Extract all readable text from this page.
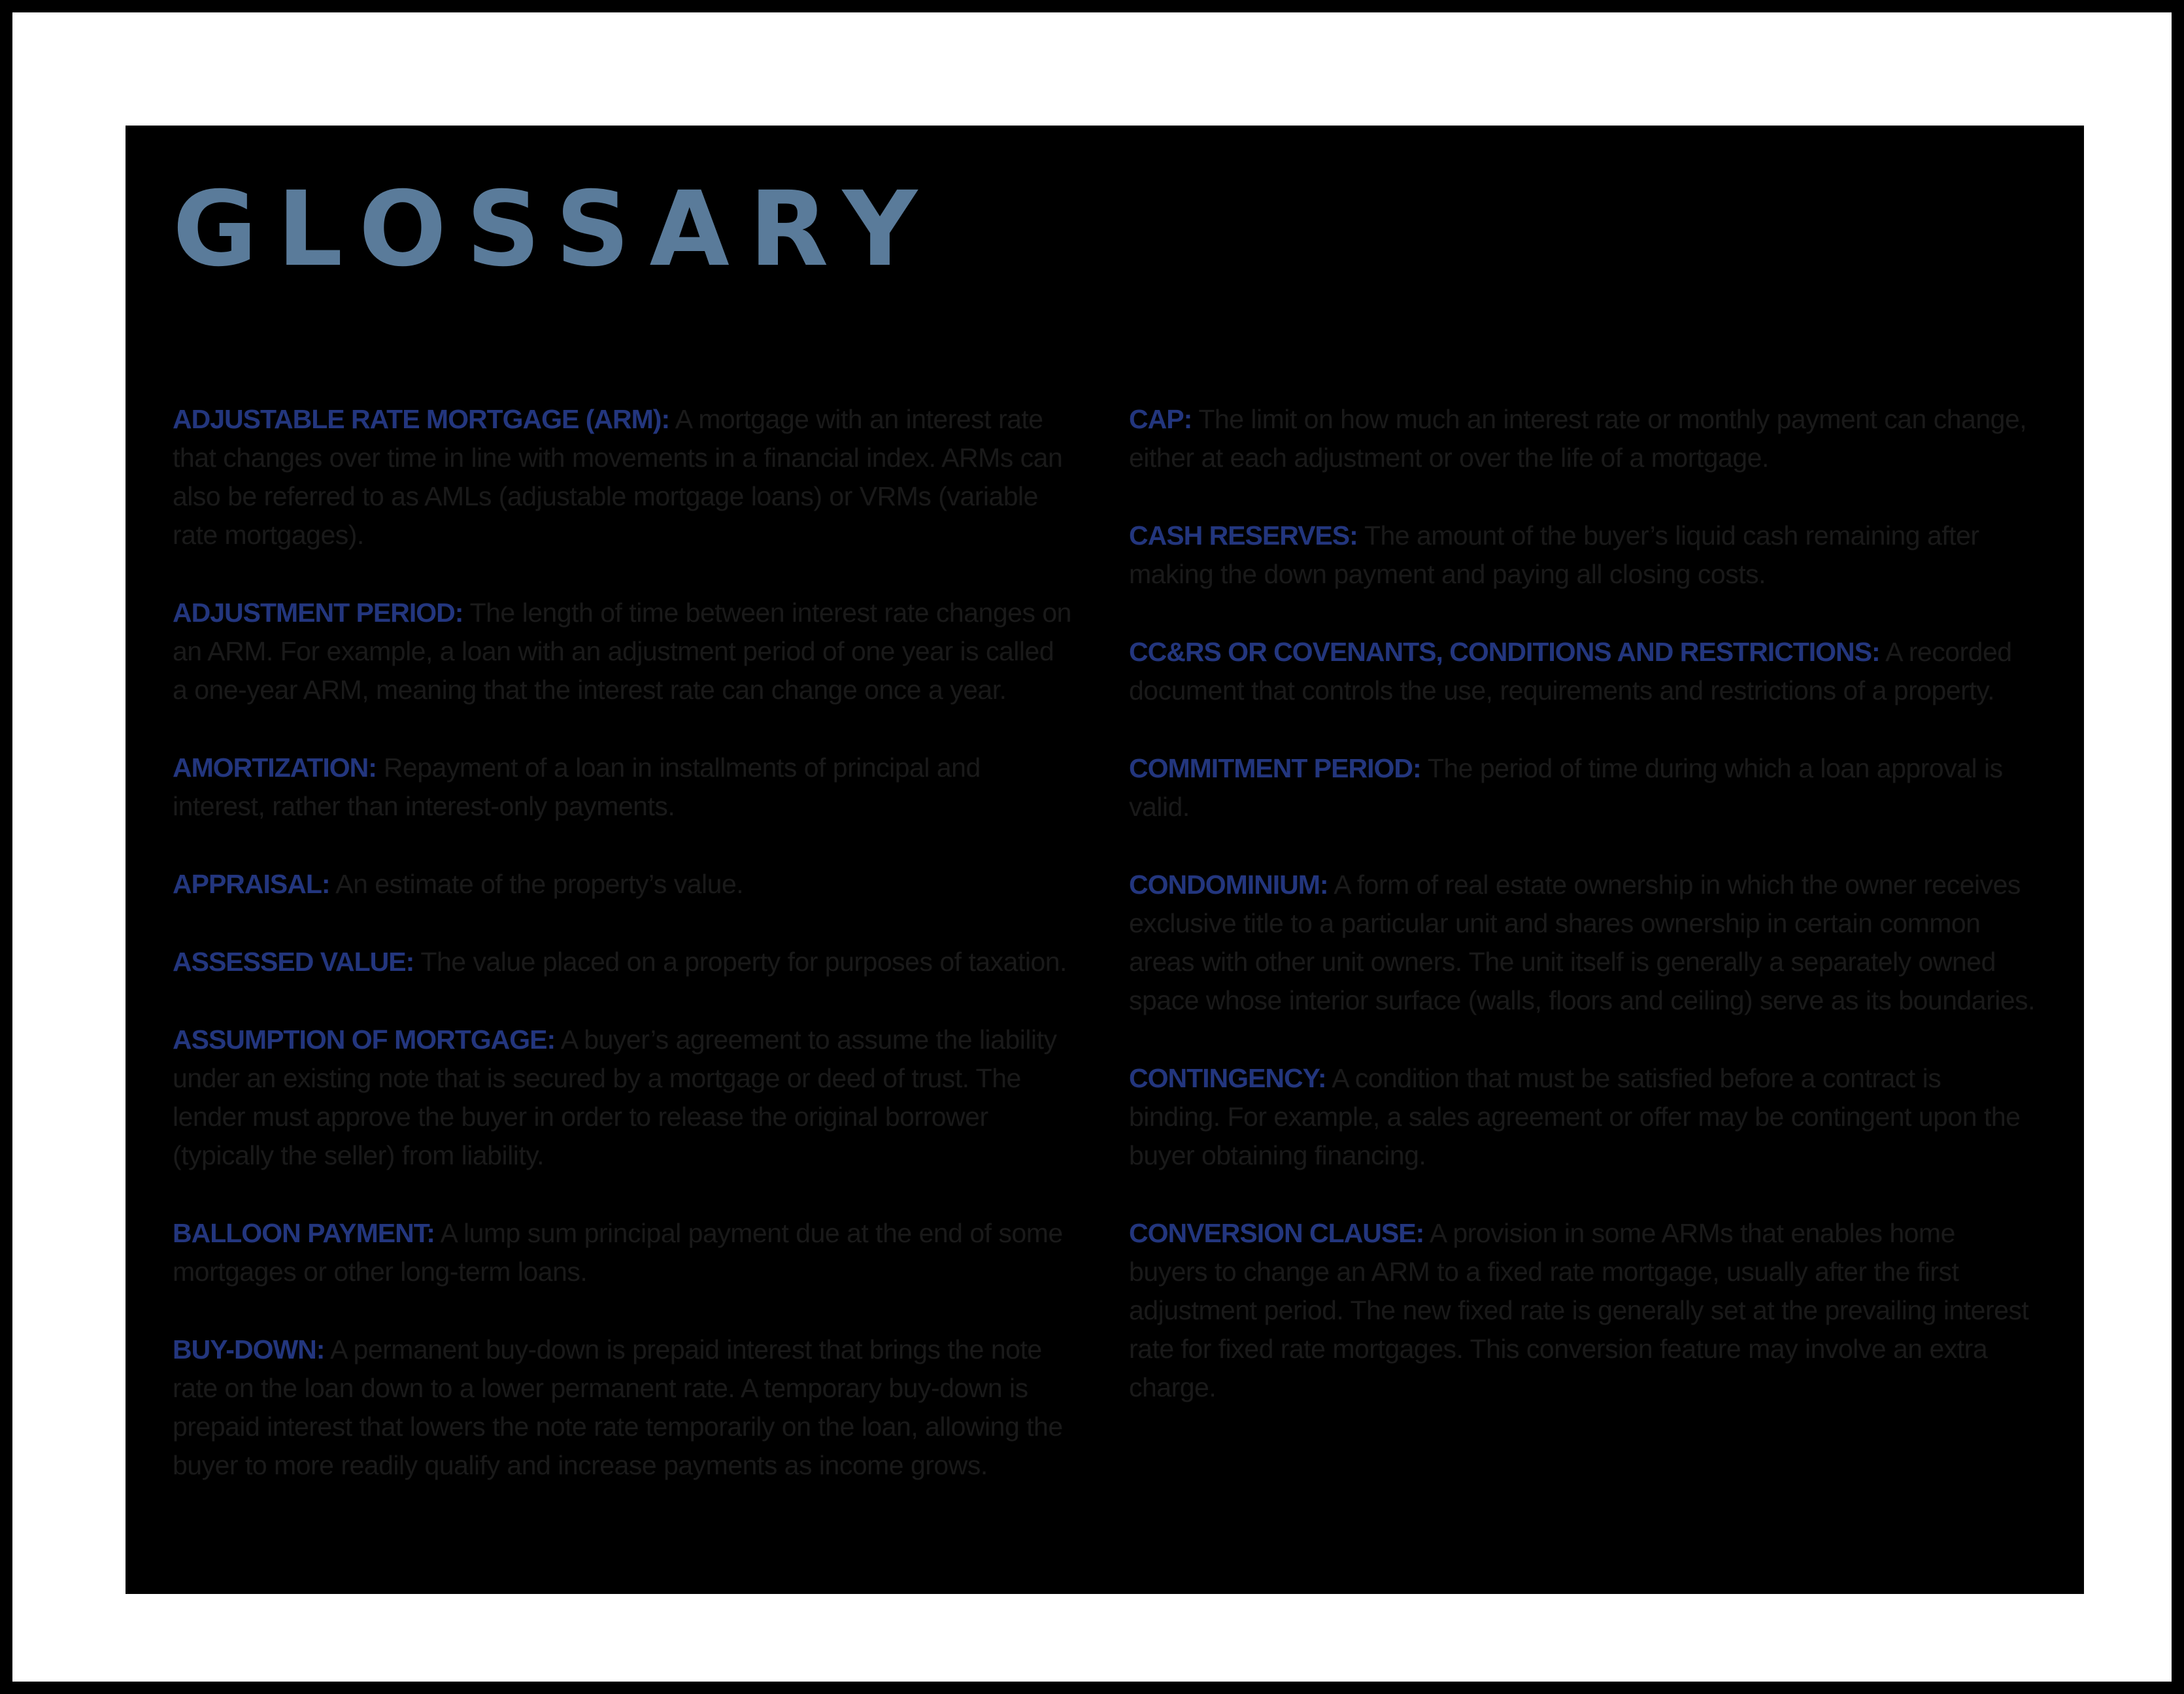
GLOSSARY

ADJUSTABLE RATE MORTGAGE (ARM): A mortgage with an interest rate that changes over time in line with movements in a financial index. ARMs can also be referred to as AMLs (adjustable mortgage loans) or VRMs (variable rate mortgages).

ADJUSTMENT PERIOD: The length of time between interest rate changes on an ARM. For example, a loan with an adjustment period of one year is called a one-year ARM, meaning that the interest rate can change once a year.

AMORTIZATION: Repayment of a loan in installments of principal and interest, rather than interest-only payments.

APPRAISAL: An estimate of the property’s value.

ASSESSED VALUE: The value placed on a property for purposes of taxation.

ASSUMPTION OF MORTGAGE: A buyer’s agreement to assume the liability under an existing note that is secured by a mortgage or deed of trust. The lender must approve the buyer in order to release the original borrower (typically the seller) from liability.

BALLOON PAYMENT: A lump sum principal payment due at the end of some mortgages or other long-term loans.

BUY-DOWN: A permanent buy-down is prepaid interest that brings the note rate on the loan down to a lower permanent rate. A temporary buy-down is prepaid interest that lowers the note rate temporarily on the loan, allowing the buyer to more readily qualify and increase payments as income grows.

CAP: The limit on how much an interest rate or monthly payment can change, either at each adjustment or over the life of a mortgage.

CASH RESERVES: The amount of the buyer’s liquid cash remaining after making the down payment and paying all closing costs.

CC&RS OR COVENANTS, CONDITIONS AND RESTRICTIONS: A recorded document that controls the use, requirements and restrictions of a property.

COMMITMENT PERIOD: The period of time during which a loan approval is valid.

CONDOMINIUM: A form of real estate ownership in which the owner receives exclusive title to a particular unit and shares ownership in certain common areas with other unit owners. The unit itself is generally a separately owned space whose interior surface (walls, floors and ceiling) serve as its boundaries.

CONTINGENCY: A condition that must be satisfied before a contract is binding. For example, a sales agreement or offer may be contingent upon the buyer obtaining financing.

CONVERSION CLAUSE: A provision in some ARMs that enables home buyers to change an ARM to a fixed rate mortgage, usually after the first adjustment period. The new fixed rate is generally set at the prevailing interest rate for fixed rate mortgages. This conversion feature may involve an extra charge.
